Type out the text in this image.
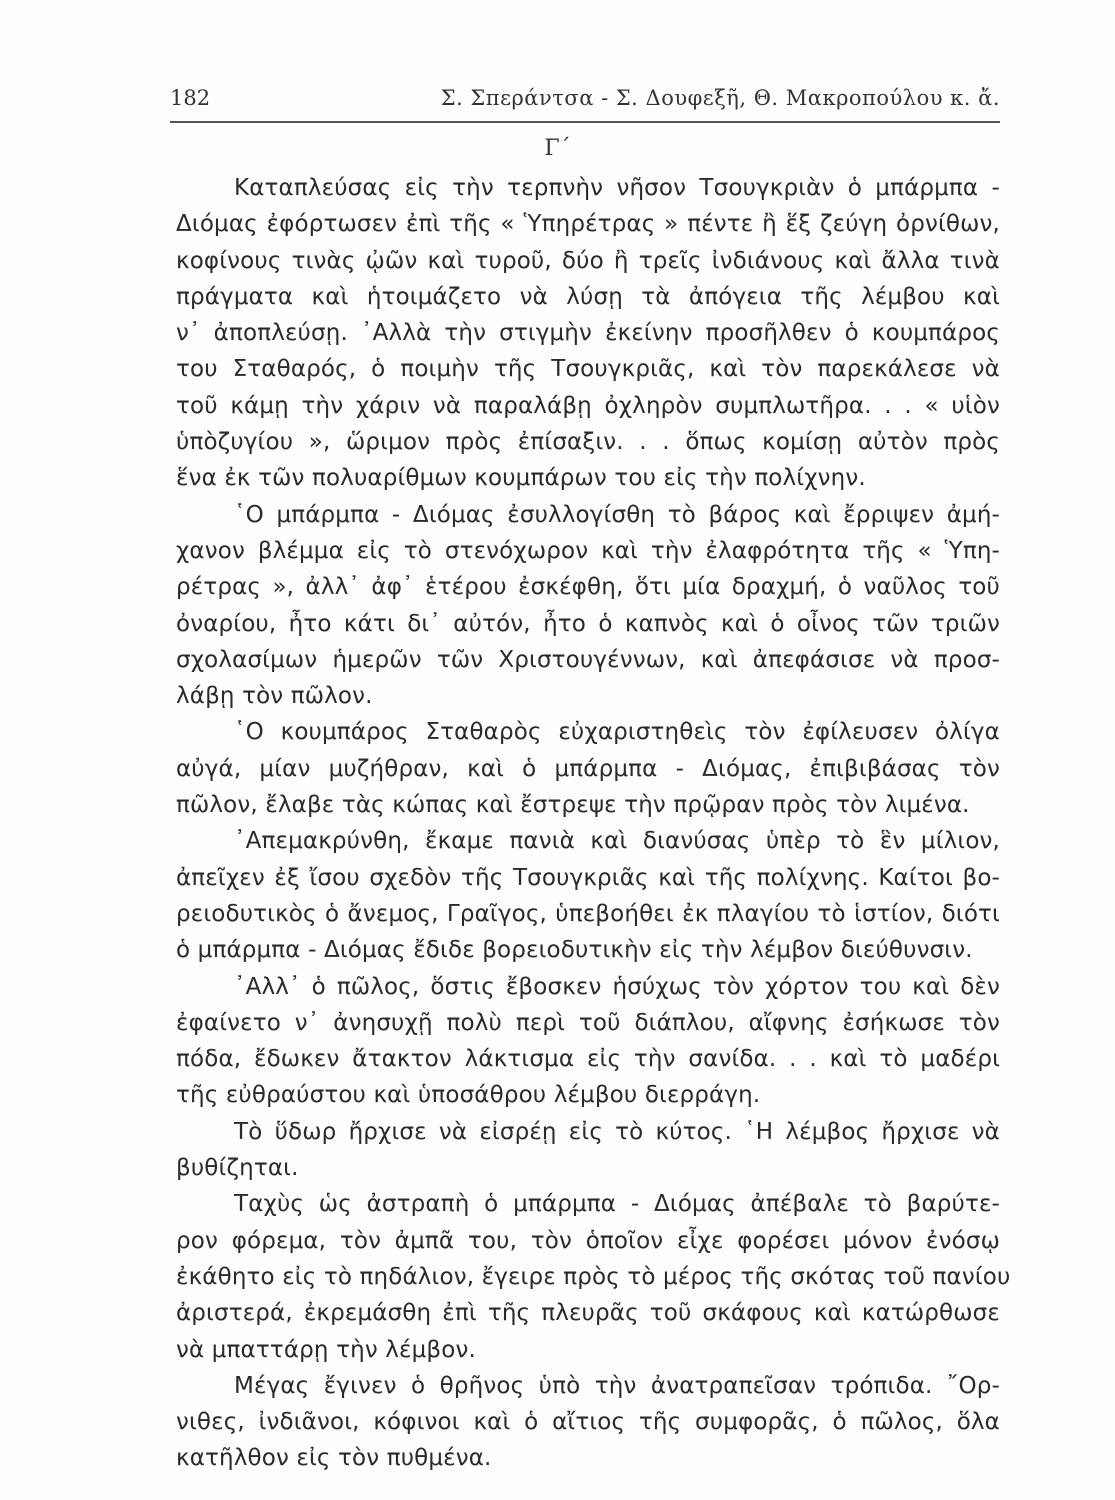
182	Σ. Σπεράντσα - Σ. Δουφεξῆ, Θ. Μακροπούλου κ. ἄ.
Γ΄
Καταπλεύσας εἰς τὴν τερπνὴν νῆσον Τσουγκριὰν ὁ μπάρμπα -
Διόμας ἐφόρτωσεν ἐπὶ τῆς « Ὑπηρέτρας » πέντε ἢ ἕξ ζεύγη ὀρνίθων,
κοφίνους τινὰς ᾠῶν καὶ τυροῦ, δύο ἢ τρεῖς ἰνδιάνους καὶ ἄλλα τινὰ
πράγματα καὶ ἡτοιμάζετο νὰ λύσῃ τὰ ἀπόγεια τῆς λέμβου καὶ
ν᾽ ἀποπλεύσῃ. ᾽Αλλὰ τὴν στιγμὴν ἐκείνην προσῆλθεν ὁ κουμπάρος
του Σταθαρός, ὁ ποιμὴν τῆς Τσουγκριᾶς, καὶ τὸν παρεκάλεσε νὰ
τοῦ κάμῃ τὴν χάριν νὰ παραλάβῃ ὀχληρὸν συμπλωτῆρα. . . « υἱὸν
ὑπὸζυγίου », ὥριμον πρὸς ἐπίσαξιν. . . ὅπως κομίσῃ αὐτὸν πρὸς
ἕνα ἐκ τῶν πολυαρίθμων κουμπάρων του εἰς τὴν πολίχνην.
῾Ο μπάρμπα - Διόμας ἐσυλλογίσθη τὸ βάρος καὶ ἔρριψεν ἀμή-
χανον βλέμμα εἰς τὸ στενόχωρον καὶ τὴν ἐλαφρότητα τῆς « Ὑπη-
ρέτρας », ἀλλ᾽ ἀφ᾽ ἑτέρου ἐσκέφθη, ὅτι μία δραχμή, ὁ ναῦλος τοῦ
ὀναρίου, ἦτο κάτι δι᾽ αὐτόν, ἦτο ὁ καπνὸς καὶ ὁ οἶνος τῶν τριῶν
σχολασίμων ἡμερῶν τῶν Χριστουγέννων, καὶ ἀπεφάσισε νὰ προσ-
λάβῃ τὸν πῶλον.
῾Ο κουμπάρος Σταθαρὸς εὐχαριστηθεὶς τὸν ἐφίλευσεν ὀλίγα
αὐγά, μίαν μυζήθραν, καὶ ὁ μπάρμπα - Διόμας, ἐπιβιβάσας τὸν
πῶλον, ἔλαβε τὰς κώπας καὶ ἔστρεψε τὴν πρῷραν πρὸς τὸν λιμένα.
᾽Απεμακρύνθη, ἔκαμε πανιὰ καὶ διανύσας ὑπὲρ τὸ ἓν μίλιον,
ἀπεῖχεν ἐξ ἴσου σχεδὸν τῆς Τσουγκριᾶς καὶ τῆς πολίχνης. Καίτοι βο-
ρειοδυτικὸς ὁ ἄνεμος, Γραῖγος, ὑπεβοήθει ἐκ πλαγίου τὸ ἱστίον, διότι
ὁ μπάρμπα - Διόμας ἔδιδε βορειοδυτικὴν εἰς τὴν λέμβον διεύθυνσιν.
᾽Αλλ᾽ ὁ πῶλος, ὅστις ἔβοσκεν ἡσύχως τὸν χόρτον του καὶ δὲν
ἐφαίνετο ν᾽ ἀνησυχῇ πολὺ περὶ τοῦ διάπλου, αἴφνης ἐσήκωσε τὸν
πόδα, ἔδωκεν ἄτακτον λάκτισμα εἰς τὴν σανίδα. . . καὶ τὸ μαδέρι
τῆς εὐθραύστου καὶ ὑποσάθρου λέμβου διερράγη.
Τὸ ὕδωρ ἤρχισε νὰ εἰσρέῃ εἰς τὸ κύτος. ῾Η λέμβος ἤρχισε νὰ
βυθίζηται.
Ταχὺς ὡς ἀστραπὴ ὁ μπάρμπα - Διόμας ἀπέβαλε τὸ βαρύτε-
ρον φόρεμα, τὸν ἀμπᾶ του, τὸν ὁποῖον εἶχε φορέσει μόνον ἐνόσῳ
ἐκάθητο εἰς τὸ πηδάλιον, ἔγειρε πρὸς τὸ μέρος τῆς σκότας τοῦ πανίου
ἀριστερά, ἐκρεμάσθη ἐπὶ τῆς πλευρᾶς τοῦ σκάφους καὶ κατώρθωσε
νὰ μπαττάρῃ τὴν λέμβον.
Μέγας ἔγινεν ὁ θρῆνος ὑπὸ τὴν ἀνατραπεῖσαν τρόπιδα. ῎Ορ-
νιθες, ἰνδιᾶνοι, κόφινοι καὶ ὁ αἴτιος τῆς συμφορᾶς, ὁ πῶλος, ὅλα
κατῆλθον εἰς τὸν πυθμένα.
